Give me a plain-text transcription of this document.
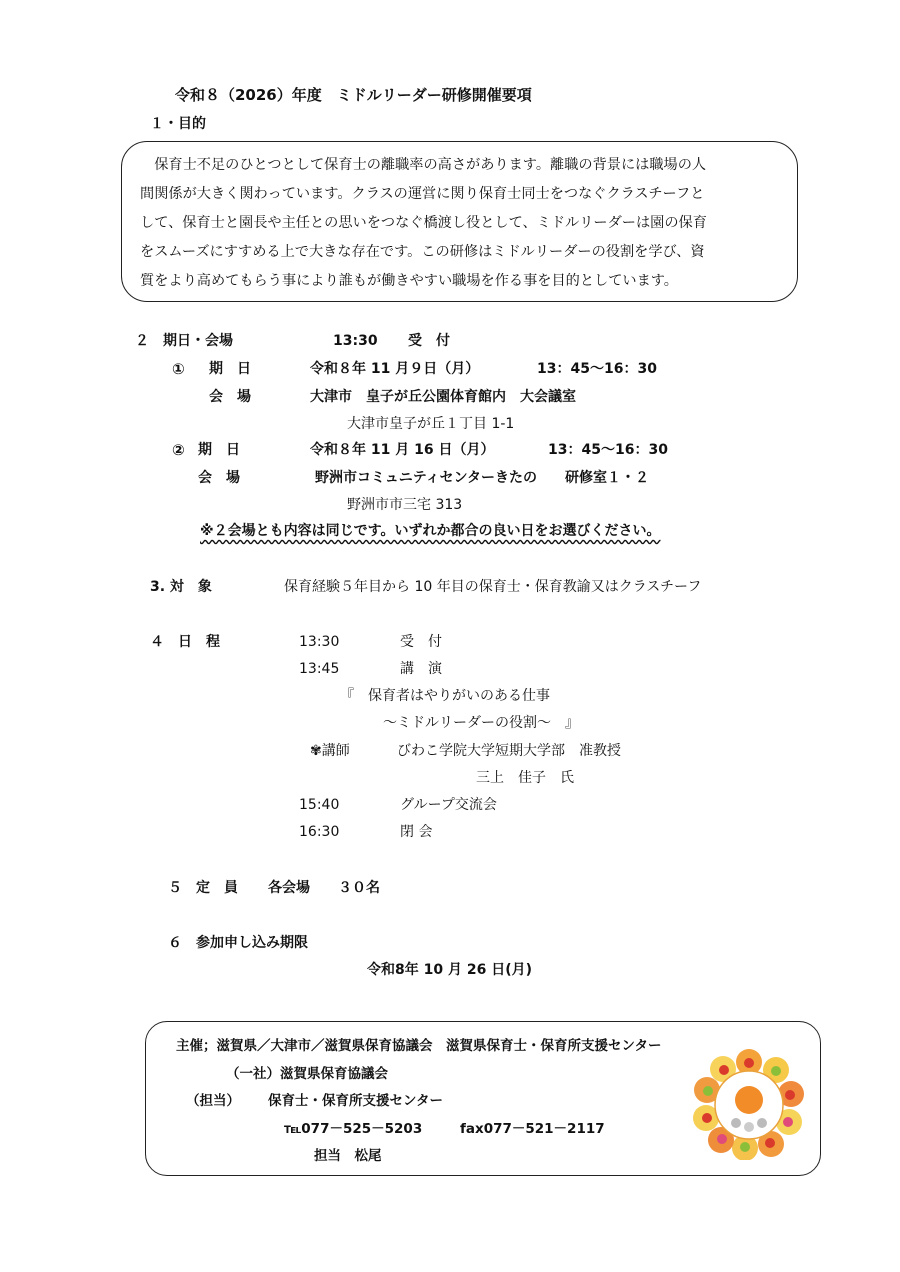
令和８（2026）年度　ミドルリーダー研修開催要項
１・目的
　保育士不足のひとつとして保育士の離職率の高さがあります。離職の背景には職場の人
間関係が大きく関わっています。クラスの運営に関り保育士同士をつなぐクラスチーフと
して、保育士と園長や主任との思いをつなぐ橋渡し役として、ミドルリーダーは園の保育
をスムーズにすすめる上で大きな存在です。この研修はミドルリーダーの役割を学び、資
質をより高めてもらう事により誰もが働きやすい職場を作る事を目的としています。
２　期日・会場	13:30 受　付
① 期　日	令和８年 11 月９日（月）	13：45〜16：30
会　場	大津市　皇子が丘公園体育館内　大会議室
大津市皇子が丘１丁目 1-1
② 期　日	令和８年 11 月 16 日（月）	13：45〜16：30
会　場	野洲市コミュニティセンターきたの　　研修室１・２
野洲市市三宅 313
※２会場とも内容は同じです。いずれか都合の良い日をお選びください。
3. 対　象	保育経験５年目から 10 年目の保育士・保育教諭又はクラスチーフ
４　日　程	13:30	受　付
13:45	講　演
『　保育者はやりがいのある仕事
〜ミドルリーダーの役割〜　』
✾講師	びわこ学院大学短期大学部　准教授
三上　佳子　氏
15:40	グループ交流会
16:30	閉 会
５　定　員 各会場　　３０名
６　参加申し込み期限
令和8年 10 月 26 日(月)
主催；滋賀県／大津市／滋賀県保育協議会　滋賀県保育士・保育所支援センター
（一社）滋賀県保育協議会
（担当） 保育士・保育所支援センター
℡077－525－5203	fax077－521－2117
担当　松尾
